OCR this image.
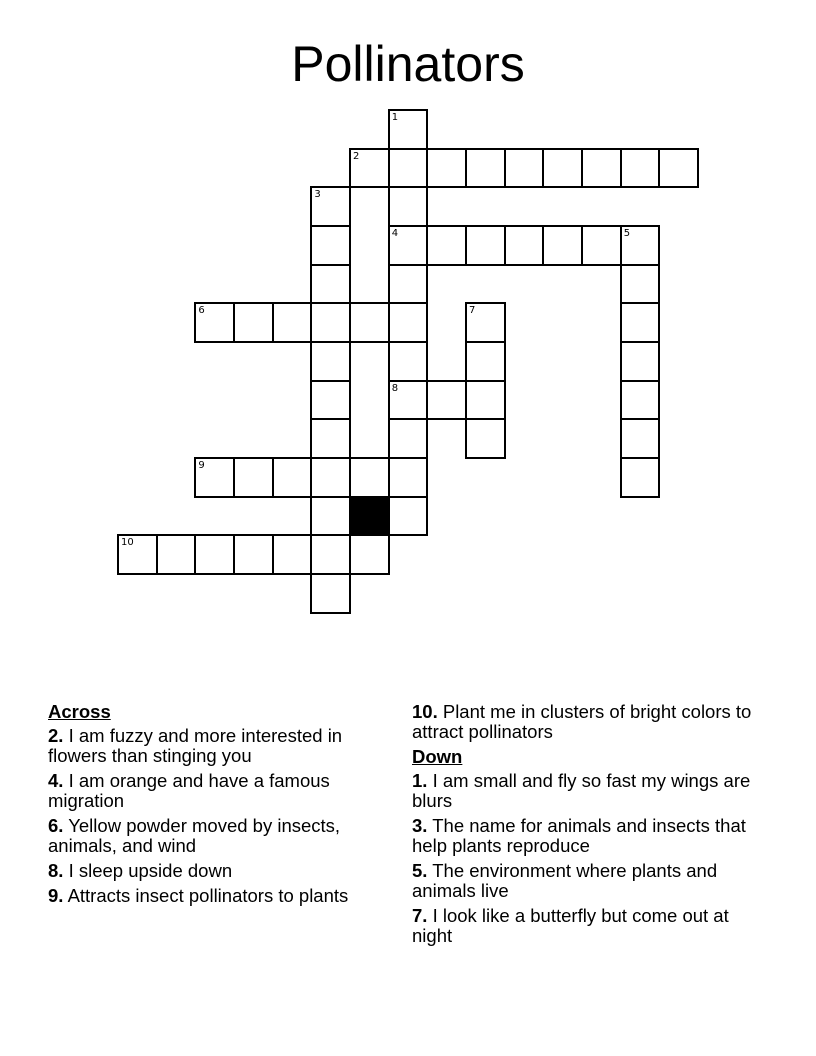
Pollinators
1
2
3
4	5
6	7
8
9
10
Across
2. I am fuzzy and more interested in flowers than stinging you
4. I am orange and have a famous migration
6. Yellow powder moved by insects, animals, and wind
8. I sleep upside down
9. Attracts insect pollinators to plants
10. Plant me in clusters of bright colors to attract pollinators
Down
1. I am small and fly so fast my wings are blurs
3. The name for animals and insects that help plants reproduce
5. The environment where plants and animals live
7. I look like a butterfly but come out at night
